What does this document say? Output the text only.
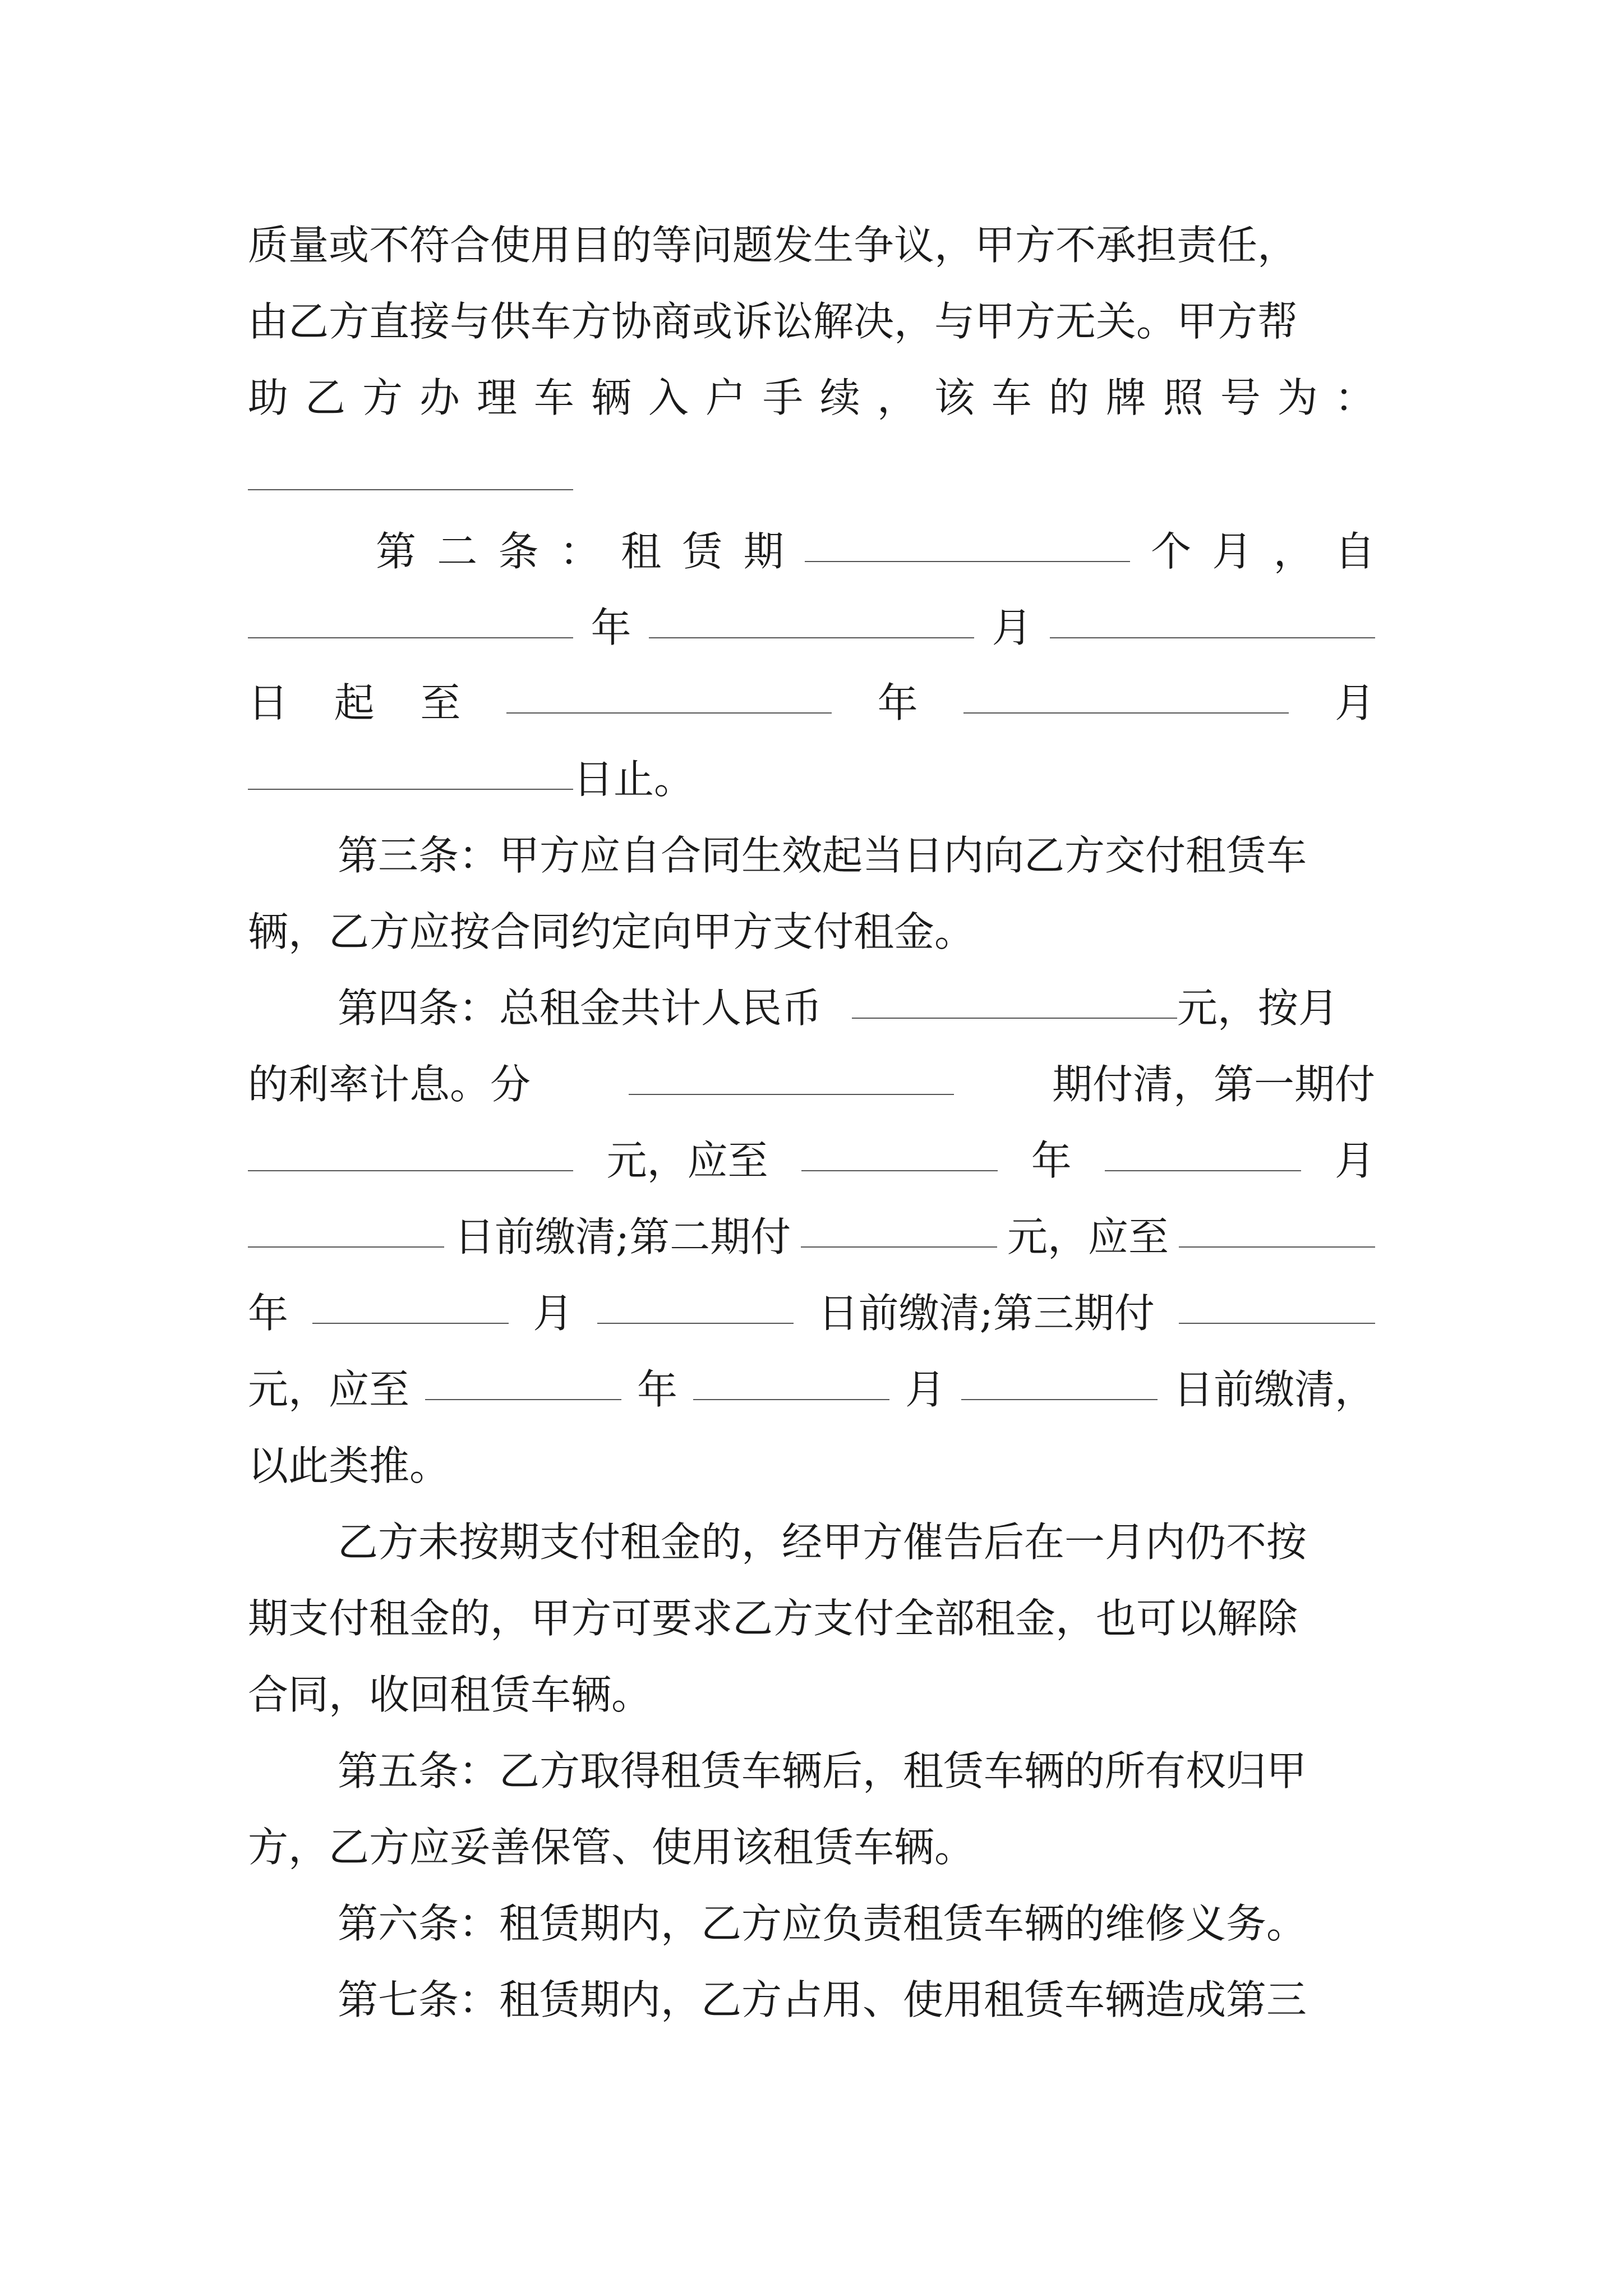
质量或不符合使用目的等问题发生争议，甲方不承担责任，
由乙方直接与供车方协商或诉讼解决，与甲方无关。甲方帮
助 乙 方 办 理 车 辆 入 户 手 续 ， 该 车 的 牌 照 号 为 ：
第 二 条 ： 租 赁 期	个 月 ， 自
年	月
日 起 至	年	月
日止。
第三条：甲方应自合同生效起当日内向乙方交付租赁车
辆，乙方应按合同约定向甲方支付租金。
第四条：总租金共计人民币	元，按月
的利率计息。分	期付清，第一期付
元，应至	年	月
日前缴清;第二期付	元，应至
年	月	日前缴清;第三期付
元，应至	年	月	日前缴清，
以此类推。
乙方未按期支付租金的，经甲方催告后在一月内仍不按
期支付租金的，甲方可要求乙方支付全部租金，也可以解除
合同，收回租赁车辆。
第五条：乙方取得租赁车辆后，租赁车辆的所有权归甲
方，乙方应妥善保管、使用该租赁车辆。
第六条：租赁期内，乙方应负责租赁车辆的维修义务。
第七条：租赁期内，乙方占用、使用租赁车辆造成第三
